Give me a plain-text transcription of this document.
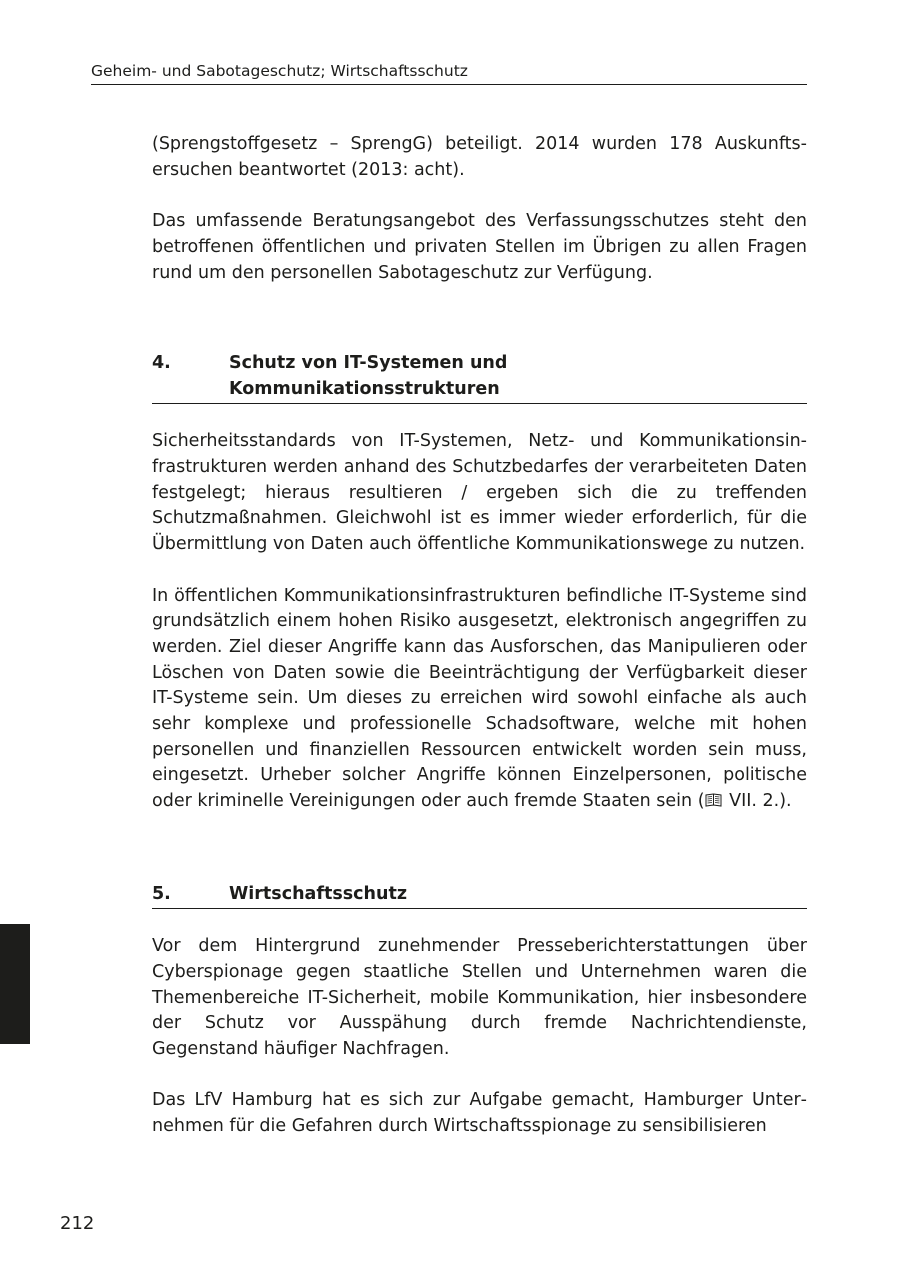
Geheim- und Sabotageschutz; Wirtschaftsschutz

(Sprengstoffgesetz – SprengG) beteiligt. 2014 wurden 178 Auskunftsersuchen beantwortet (2013: acht).

Das umfassende Beratungsangebot des Verfassungsschutzes steht den betroffenen öffentlichen und privaten Stellen im Übrigen zu allen Fragen rund um den personellen Sabotageschutz zur Verfügung.

4.	Schutz von IT-Systemen und
Kommunikationsstrukturen

Sicherheitsstandards von IT-Systemen, Netz- und Kommunikationsinfrastrukturen werden anhand des Schutzbedarfes der verarbeiteten Daten festgelegt; hieraus resultieren / ergeben sich die zu treffenden Schutzmaßnahmen. Gleichwohl ist es immer wieder erforderlich, für die Übermittlung von Daten auch öffentliche Kommunikationswege zu nutzen.

In öffentlichen Kommunikationsinfrastrukturen befindliche IT-Systeme sind grundsätzlich einem hohen Risiko ausgesetzt, elektronisch angegriffen zu werden. Ziel dieser Angriffe kann das Ausforschen, das Manipulieren oder Löschen von Daten sowie die Beeinträchtigung der Verfügbarkeit dieser IT-Systeme sein. Um dieses zu erreichen wird sowohl einfache als auch sehr komplexe und professionelle Schadsoftware, welche mit hohen personellen und finanziellen Ressourcen entwickelt worden sein muss, eingesetzt. Urheber solcher Angriffe können Einzelpersonen, politische oder kriminelle Vereinigungen oder auch fremde Staaten sein ( VII. 2.).

5.	Wirtschaftsschutz

Vor dem Hintergrund zunehmender Presseberichterstattungen über Cyberspionage gegen staatliche Stellen und Unternehmen waren die Themenbereiche IT-Sicherheit, mobile Kommunikation, hier insbesondere der Schutz vor Ausspähung durch fremde Nachrichtendienste, Gegenstand häufiger Nachfragen.

Das LfV Hamburg hat es sich zur Aufgabe gemacht, Hamburger Unternehmen für die Gefahren durch Wirtschaftsspionage zu sensibilisieren

212
